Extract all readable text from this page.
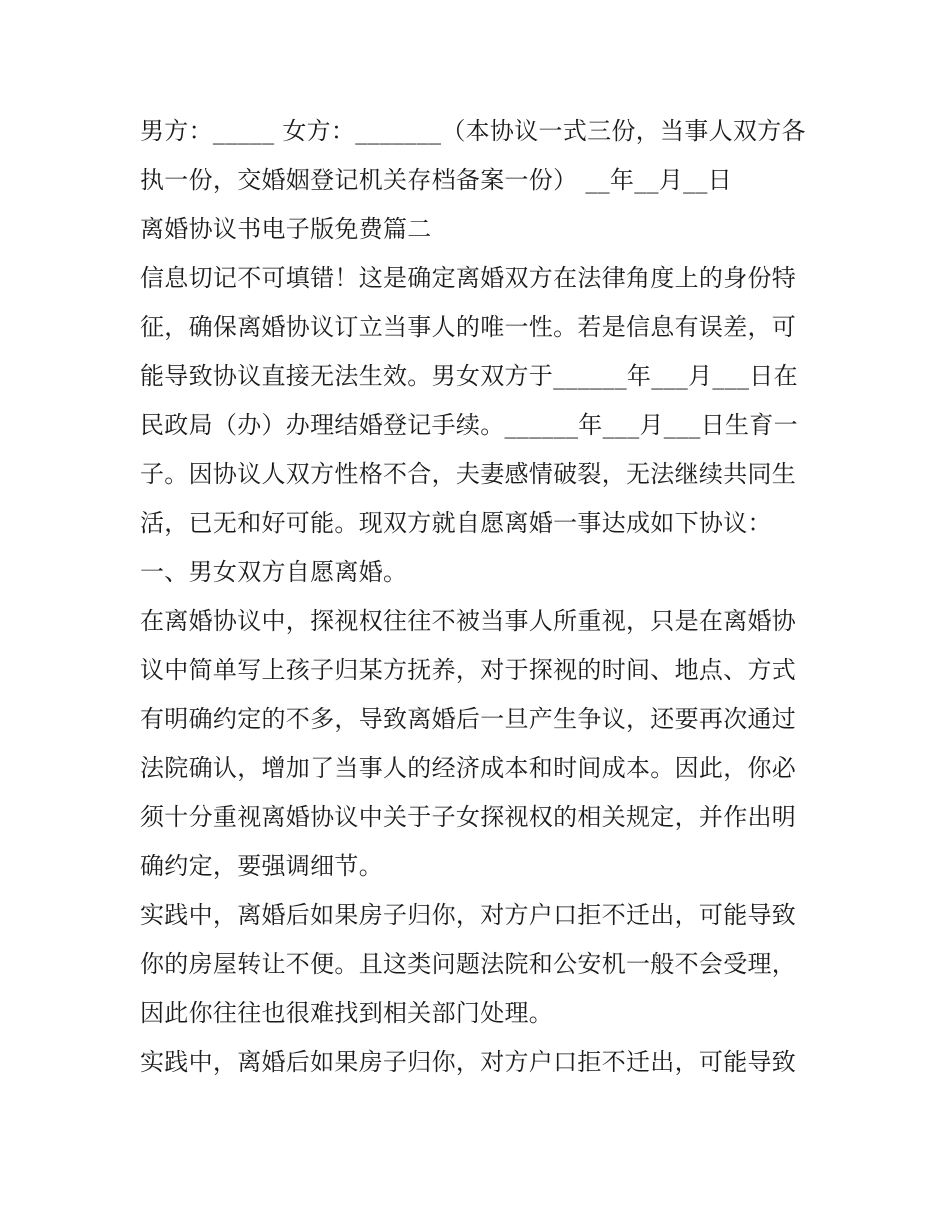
男方：_____ 女方：_______（本协议一式三份，当事人双方各执一份，交婚姻登记机关存档备案一份） __年__月__日

离婚协议书电子版免费篇二

信息切记不可填错！这是确定离婚双方在法律角度上的身份特征，确保离婚协议订立当事人的唯一性。若是信息有误差，可能导致协议直接无法生效。男女双方于______年___月___日在民政局（办）办理结婚登记手续。______年___月___日生育一子。因协议人双方性格不合，夫妻感情破裂，无法继续共同生活，已无和好可能。现双方就自愿离婚一事达成如下协议：

一、男女双方自愿离婚。

在离婚协议中，探视权往往不被当事人所重视，只是在离婚协议中简单写上孩子归某方抚养，对于探视的时间、地点、方式有明确约定的不多，导致离婚后一旦产生争议，还要再次通过法院确认，增加了当事人的经济成本和时间成本。因此，你必须十分重视离婚协议中关于子女探视权的相关规定，并作出明确约定，要强调细节。

实践中，离婚后如果房子归你，对方户口拒不迁出，可能导致你的房屋转让不便。且这类问题法院和公安机一般不会受理，因此你往往也很难找到相关部门处理。

实践中，离婚后如果房子归你，对方户口拒不迁出，可能导致
